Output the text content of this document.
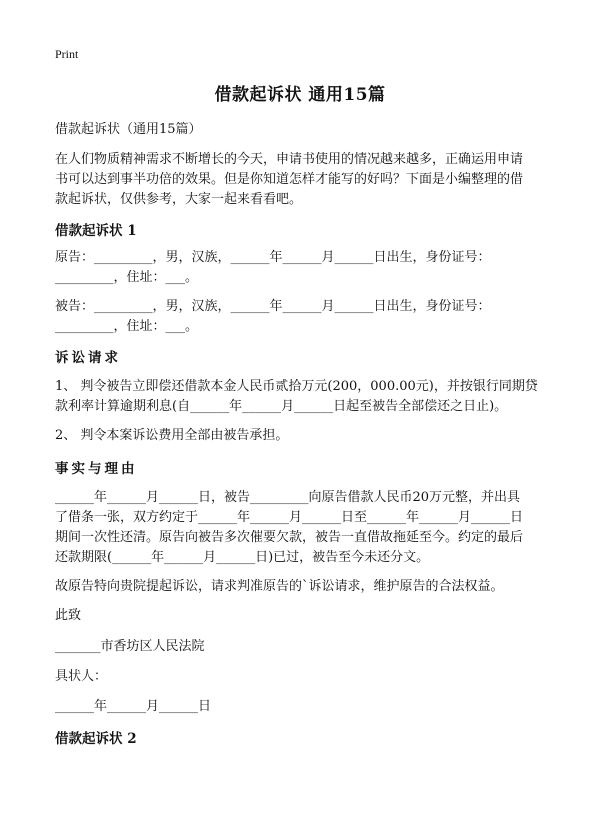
Print
借款起诉状 通用15篇
借款起诉状（通用15篇）
在人们物质精神需求不断增长的今天，申请书使用的情况越来越多，正确运用申请
书可以达到事半功倍的效果。但是你知道怎样才能写的好吗？下面是小编整理的借
款起诉状，仅供参考，大家一起来看看吧。
借款起诉状 1
原告：_________，男，汉族，______年______月______日出生，身份证号：
_________，住址：___。
被告：_________，男，汉族，______年______月______日出生，身份证号：
_________，住址：___。
诉讼请求
1、 判令被告立即偿还借款本金人民币贰拾万元(200，000.00元)，并按银行同期贷
款利率计算逾期利息(自______年______月______日起至被告全部偿还之日止)。
2、 判令本案诉讼费用全部由被告承担。
事实与理由
______年______月______日，被告_________向原告借款人民币20万元整，并出具
了借条一张，双方约定于______年______月______日至______年______月______日
期间一次性还清。原告向被告多次催要欠款，被告一直借故拖延至今。约定的最后
还款期限(______年______月______日)已过，被告至今未还分文。
故原告特向贵院提起诉讼，请求判准原告的`诉讼请求，维护原告的合法权益。
此致
_______市香坊区人民法院
具状人：
______年______月______日
借款起诉状 2
